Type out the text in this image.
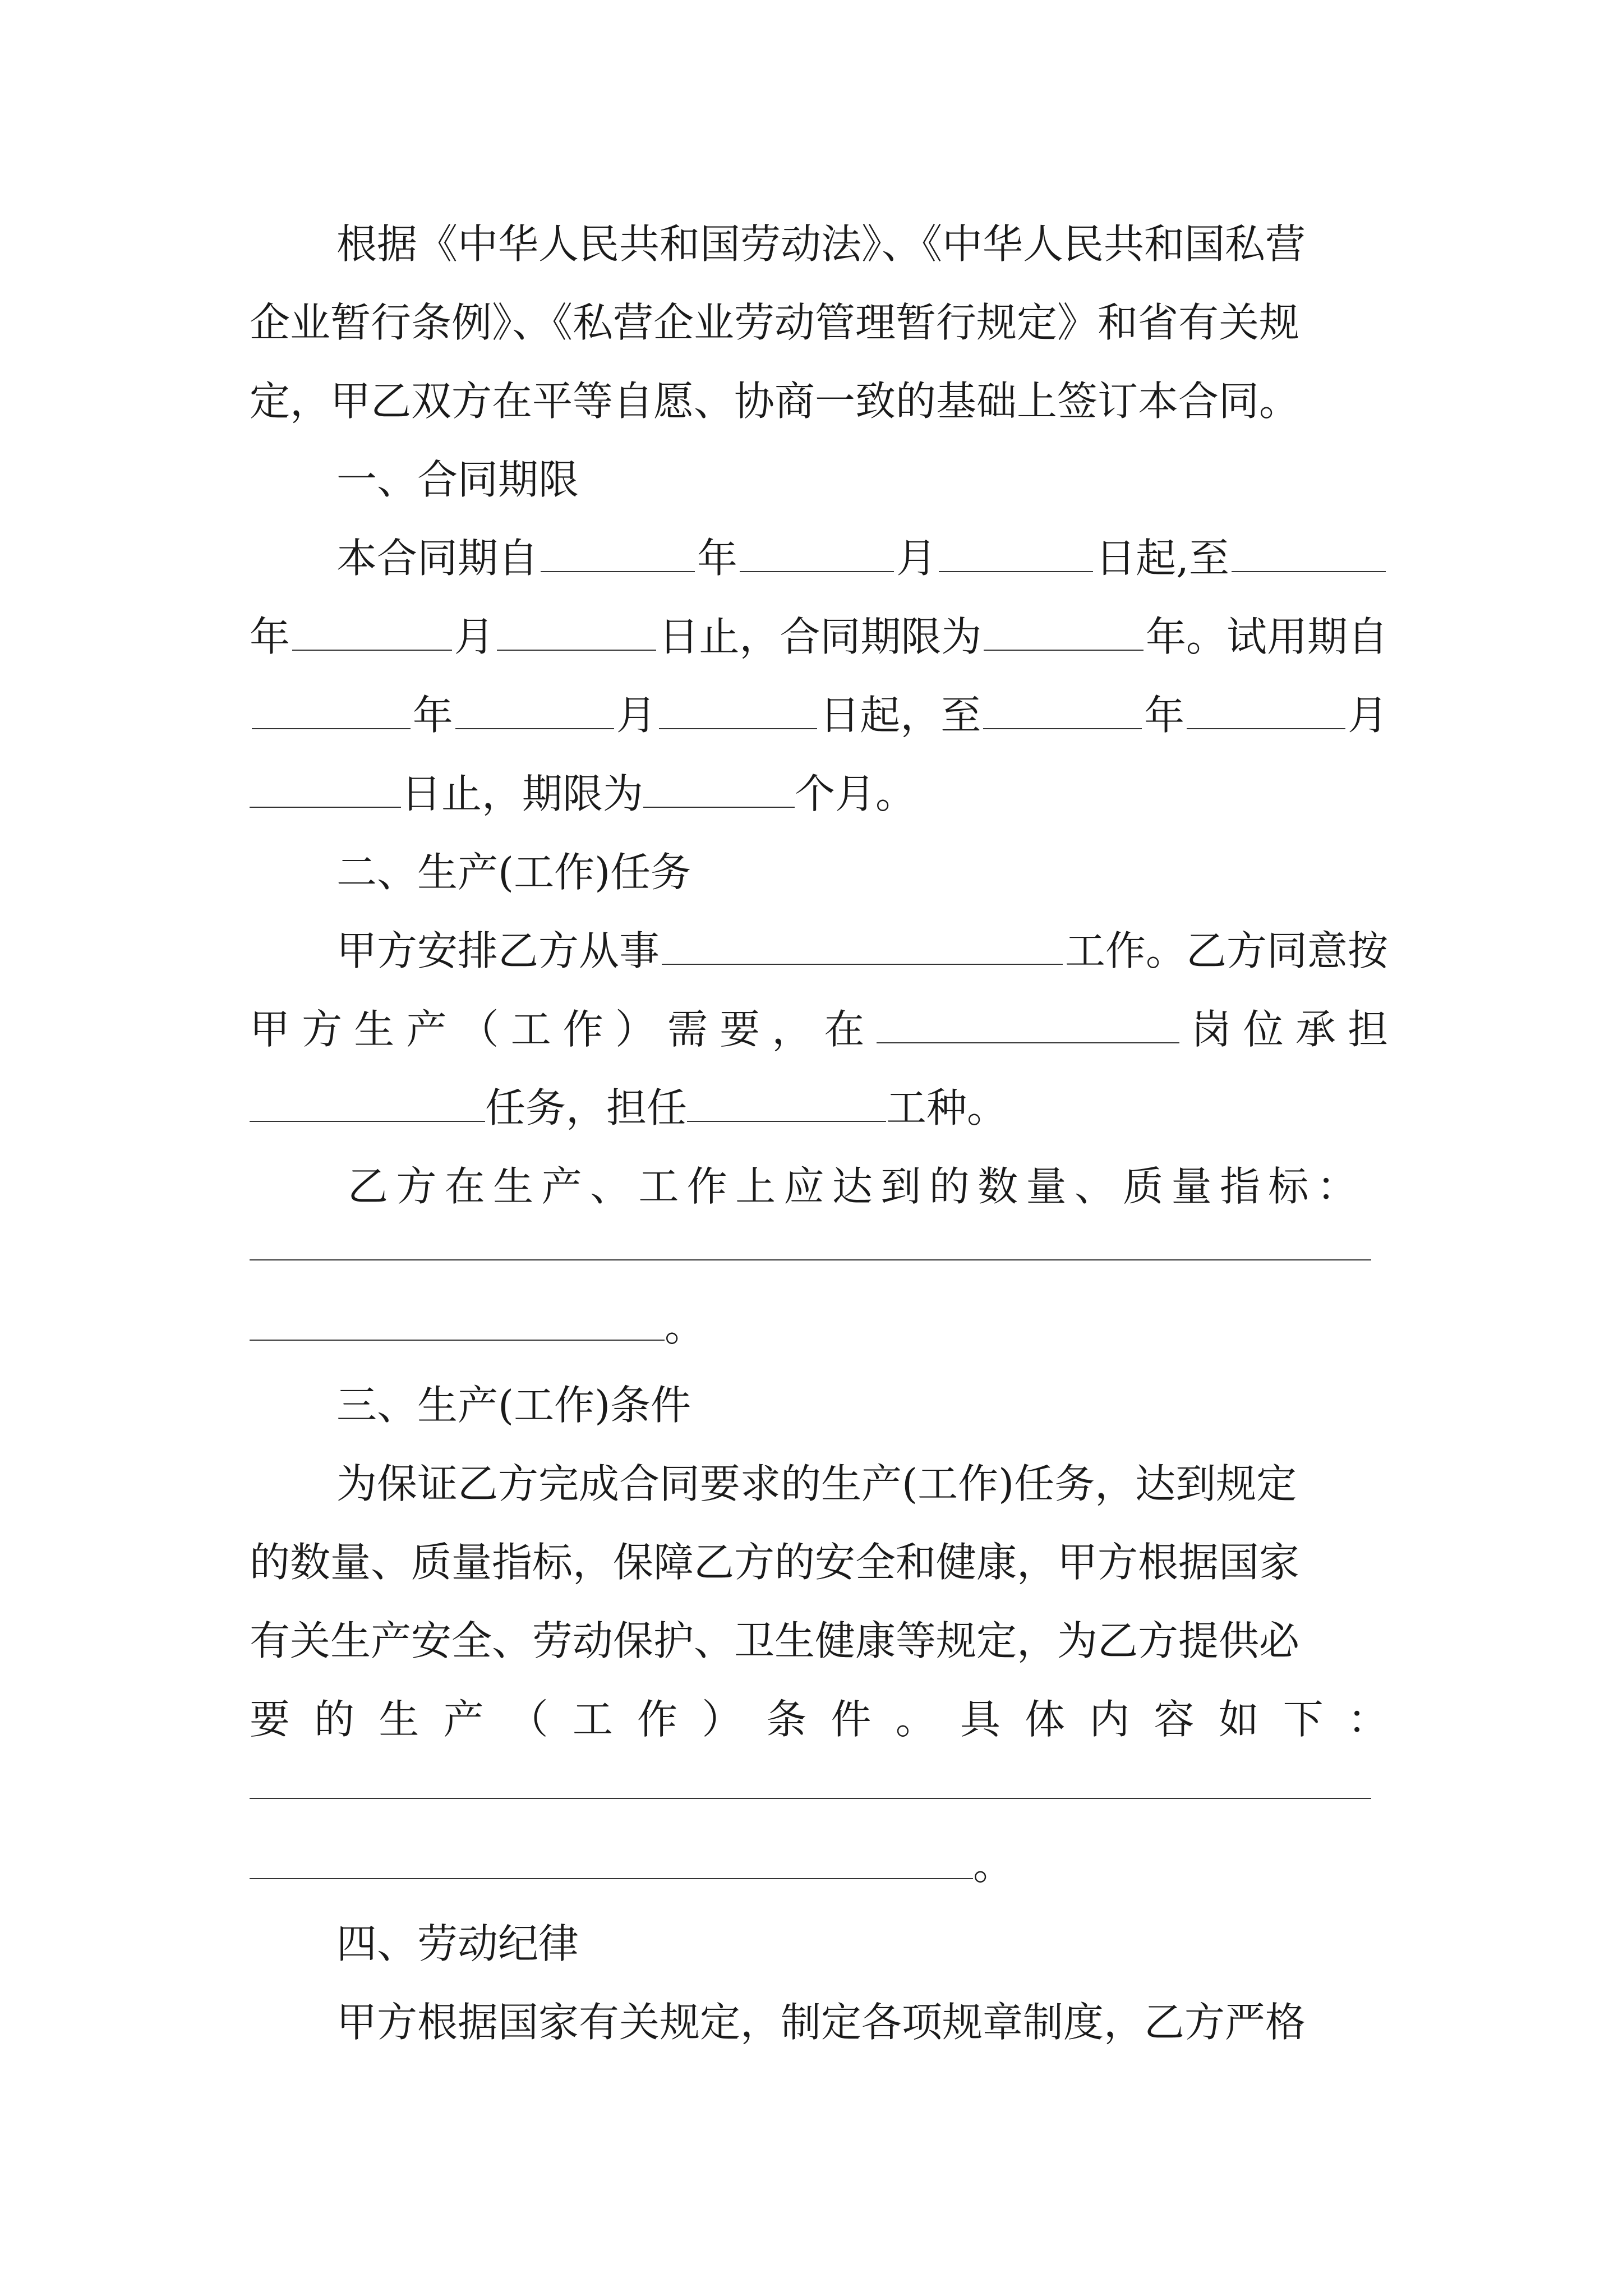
根据《中华人民共和国劳动法》、《中华人民共和国私营
企业暂行条例》、《私营企业劳动管理暂行规定》和省有关规
定，甲乙双方在平等自愿、协商一致的基础上签订本合同。
一、合同期限
本合同期自	年	月	日起,至
年	月	日止，合同期限为	年。试用期自
年	月	日起，至	年	月
日止，期限为	个月。
二、生产(工作)任务
甲方安排乙方从事	工作。乙方同意按
甲 方 生 产 （ 工 作 ） 需 要 ， 在	岗 位 承 担
任务，担任	工种。
乙 方 在 生 产 、 工 作 上 应 达 到 的 数 量 、 质 量 指 标 ：
。
三、生产(工作)条件
为保证乙方完成合同要求的生产(工作)任务，达到规定
的数量、质量指标，保障乙方的安全和健康，甲方根据国家
有关生产安全、劳动保护、卫生健康等规定，为乙方提供必
要 的 生 产 （ 工 作 ） 条 件 。 具 体 内 容 如 下 ：
。
四、劳动纪律
甲方根据国家有关规定，制定各项规章制度，乙方严格
